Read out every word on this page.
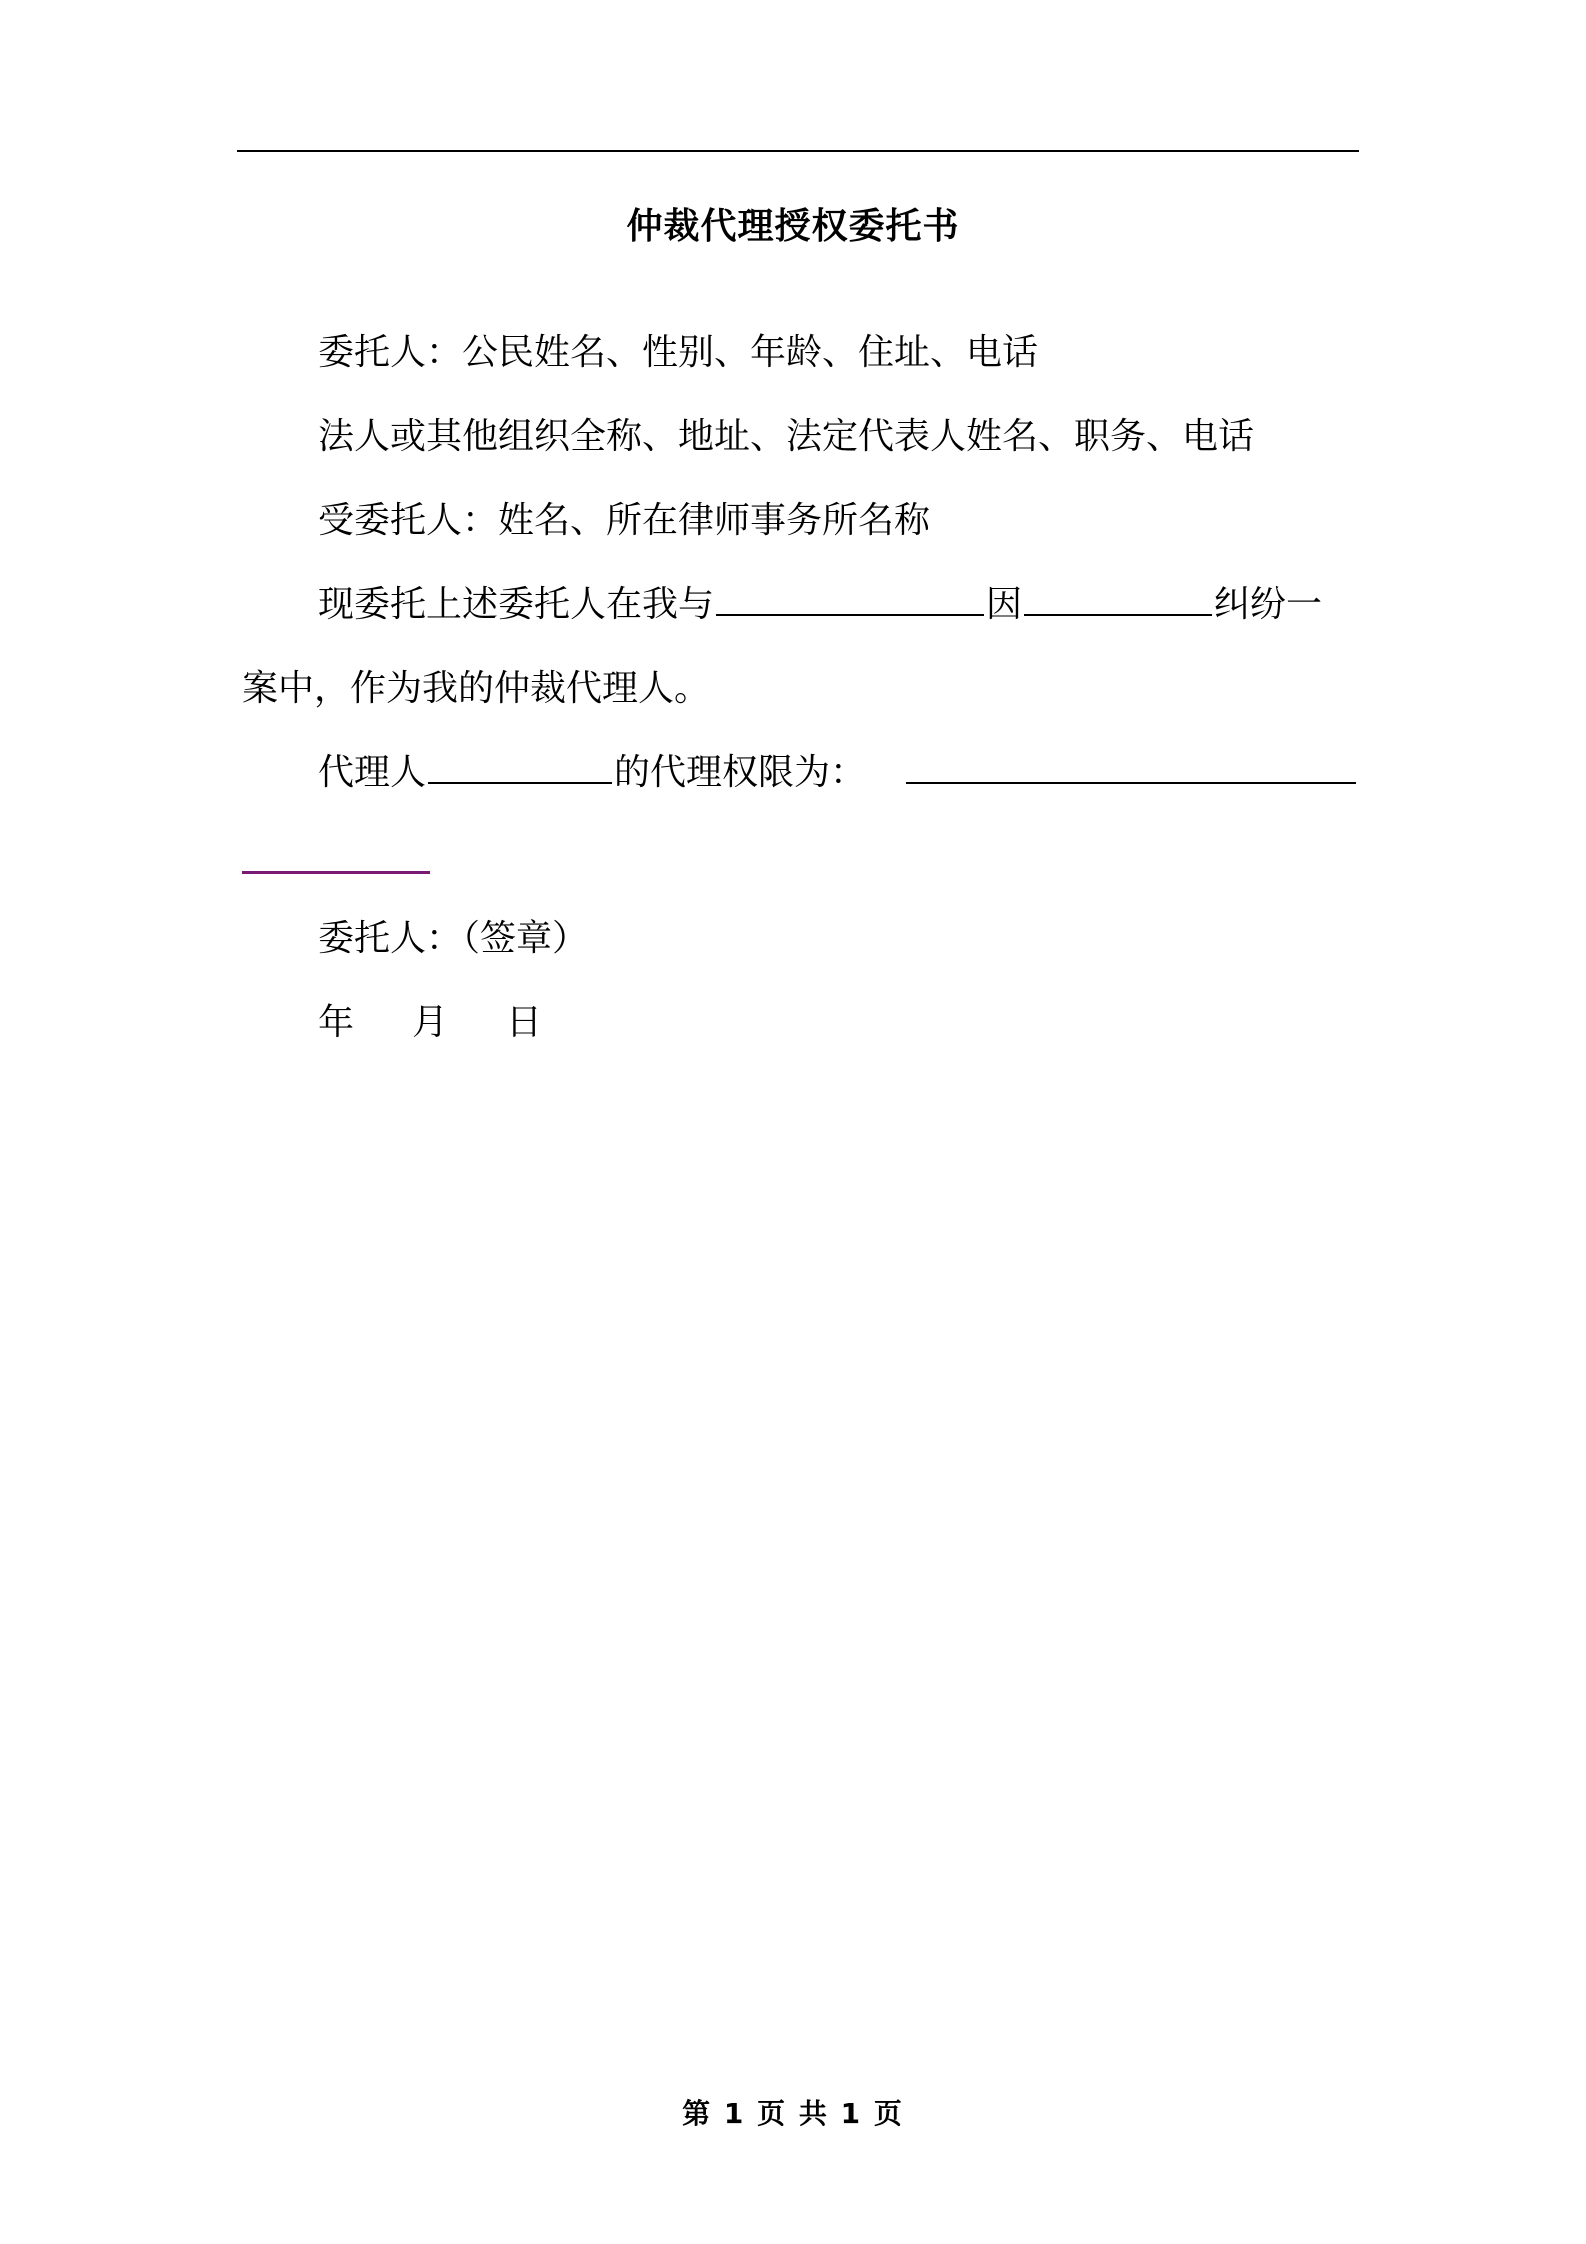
仲裁代理授权委托书
委托人：公民姓名、性别、年龄、住址、电话
法人或其他组织全称、地址、法定代表人姓名、职务、电话
受委托人：姓名、所在律师事务所名称
现委托上述委托人在我与	因	纠纷一
案中，作为我的仲裁代理人。
代理人	的代理权限为：
委托人：（签章）
年 月 日
第 1 页 共 1 页
